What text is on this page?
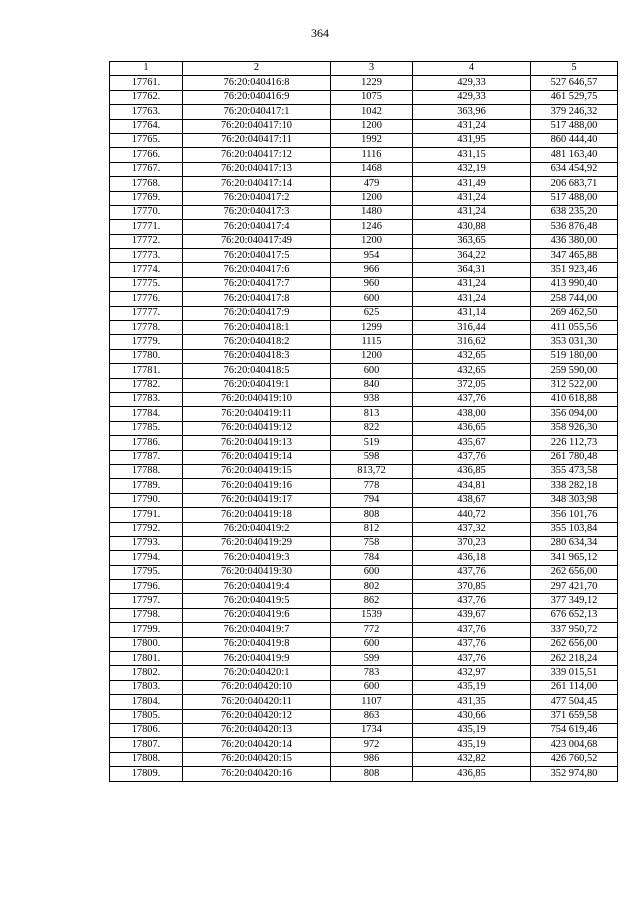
364
1	2	3	4	5
17761.	76:20:040416:8	1229	429,33	527 646,57
17762.	76:20:040416:9	1075	429,33	461 529,75
17763.	76:20:040417:1	1042	363,96	379 246,32
17764.	76:20:040417:10	1200	431,24	517 488,00
17765.	76:20:040417:11	1992	431,95	860 444,40
17766.	76:20:040417:12	1116	431,15	481 163,40
17767.	76:20:040417:13	1468	432,19	634 454,92
17768.	76:20:040417:14	479	431,49	206 683,71
17769.	76:20:040417:2	1200	431,24	517 488,00
17770.	76:20:040417:3	1480	431,24	638 235,20
17771.	76:20:040417:4	1246	430,88	536 876,48
17772.	76:20:040417:49	1200	363,65	436 380,00
17773.	76:20:040417:5	954	364,22	347 465,88
17774.	76:20:040417:6	966	364,31	351 923,46
17775.	76:20:040417:7	960	431,24	413 990,40
17776.	76:20:040417:8	600	431,24	258 744,00
17777.	76:20:040417:9	625	431,14	269 462,50
17778.	76:20:040418:1	1299	316,44	411 055,56
17779.	76:20:040418:2	1115	316,62	353 031,30
17780.	76:20:040418:3	1200	432,65	519 180,00
17781.	76:20:040418:5	600	432,65	259 590,00
17782.	76:20:040419:1	840	372,05	312 522,00
17783.	76:20:040419:10	938	437,76	410 618,88
17784.	76:20:040419:11	813	438,00	356 094,00
17785.	76:20:040419:12	822	436,65	358 926,30
17786.	76:20:040419:13	519	435,67	226 112,73
17787.	76:20:040419:14	598	437,76	261 780,48
17788.	76:20:040419:15	813,72	436,85	355 473,58
17789.	76:20:040419:16	778	434,81	338 282,18
17790.	76:20:040419:17	794	438,67	348 303,98
17791.	76:20:040419:18	808	440,72	356 101,76
17792.	76:20:040419:2	812	437,32	355 103,84
17793.	76:20:040419:29	758	370,23	280 634,34
17794.	76:20:040419:3	784	436,18	341 965,12
17795.	76:20:040419:30	600	437,76	262 656,00
17796.	76:20:040419:4	802	370,85	297 421,70
17797.	76:20:040419:5	862	437,76	377 349,12
17798.	76:20:040419:6	1539	439,67	676 652,13
17799.	76:20:040419:7	772	437,76	337 950,72
17800.	76:20:040419:8	600	437,76	262 656,00
17801.	76:20:040419:9	599	437,76	262 218,24
17802.	76:20:040420:1	783	432,97	339 015,51
17803.	76:20:040420:10	600	435,19	261 114,00
17804.	76:20:040420:11	1107	431,35	477 504,45
17805.	76:20:040420:12	863	430,66	371 659,58
17806.	76:20:040420:13	1734	435,19	754 619,46
17807.	76:20:040420:14	972	435,19	423 004,68
17808.	76:20:040420:15	986	432,82	426 760,52
17809.	76:20:040420:16	808	436,85	352 974,80
